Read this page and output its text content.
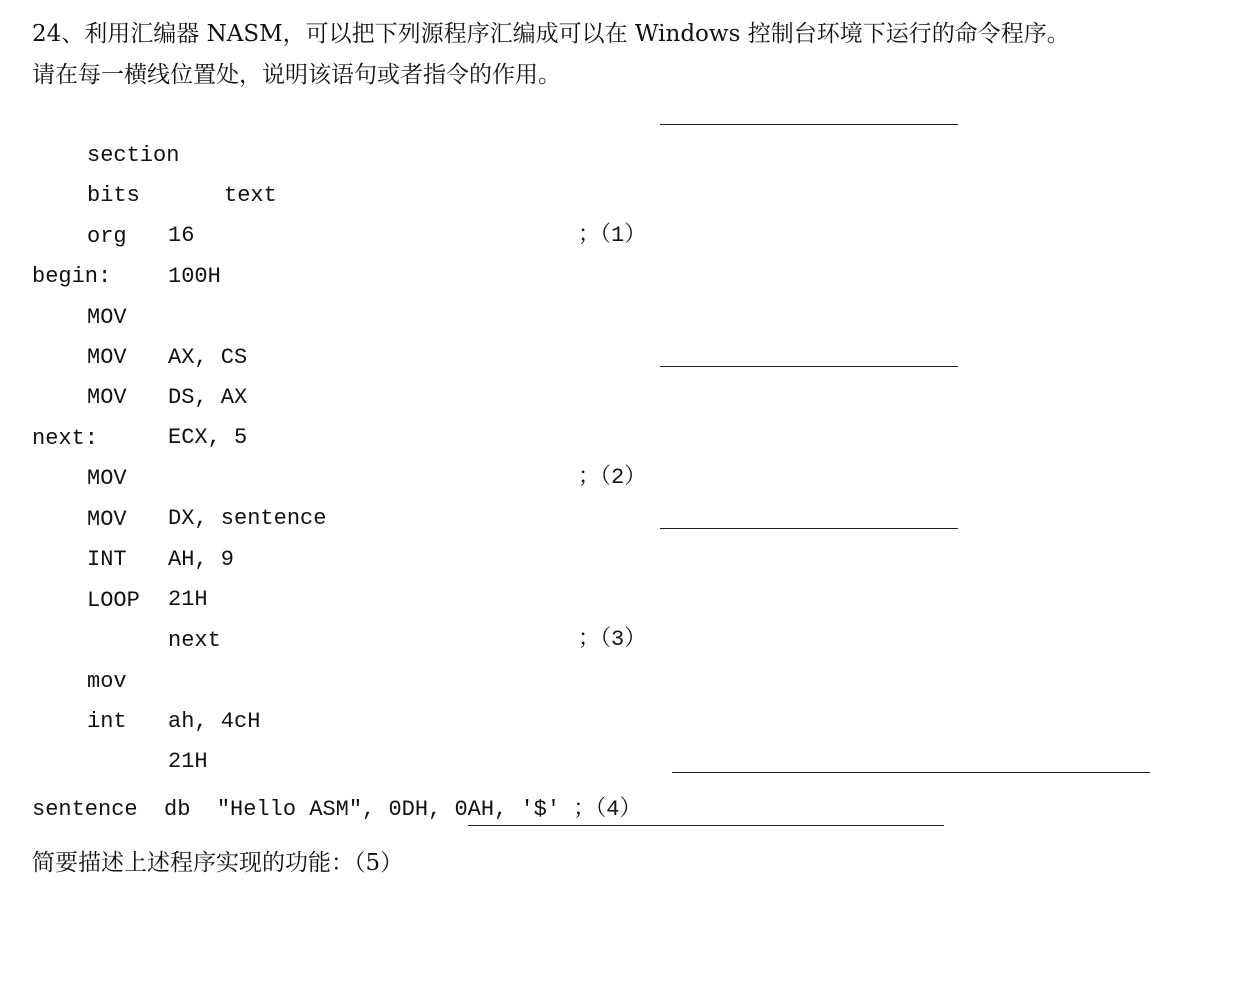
24、利用汇编器 NASM，可以把下列源程序汇编成可以在 Windows 控制台环境下运行的命令程序。
请在每一横线位置处，说明该语句或者指令的作用。

section

text

；（1）

bits

16

org

100H

begin:

MOV

AX, CS

MOV

DS, AX

MOV

ECX, 5

；（2）

next:

MOV

DX, sentence

MOV

AH, 9

INT

21H

；（3）

LOOP

next

mov

ah, 4cH

int

21H

sentence  db  "Hello ASM", 0DH, 0AH, '$' ；（4）

简要描述上述程序实现的功能：（5）
